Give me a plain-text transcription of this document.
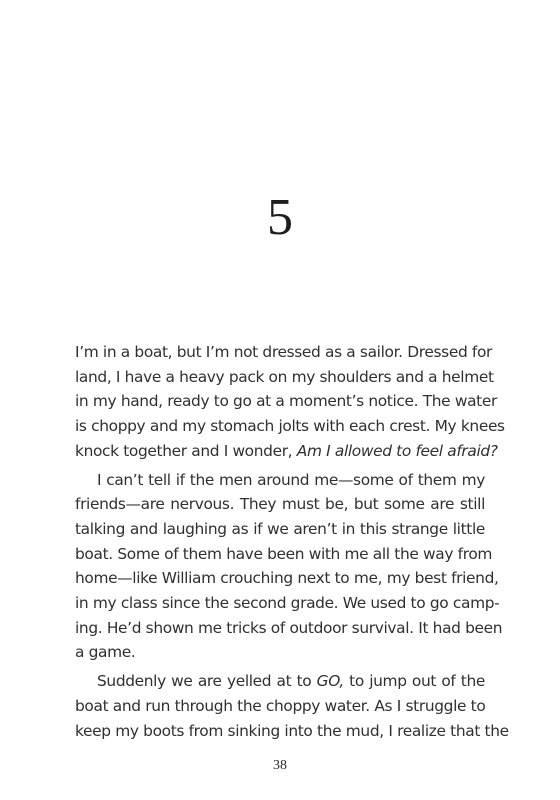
5
I’m in a boat, but I’m not dressed as a sailor. Dressed for
land, I have a heavy pack on my shoulders and a helmet
in my hand, ready to go at a moment’s notice. The water
is choppy and my stomach jolts with each crest. My knees
knock together and I wonder, Am I allowed to feel afraid?
I can’t tell if the men around me—some of them my
friends—are nervous. They must be, but some are still
talking and laughing as if we aren’t in this strange little
boat. Some of them have been with me all the way from
home—like William crouching next to me, my best friend,
in my class since the second grade. We used to go camp-
ing. He’d shown me tricks of outdoor survival. It had been
a game.
Suddenly we are yelled at to GO, to jump out of the
boat and run through the choppy water. As I struggle to
keep my boots from sinking into the mud, I realize that the
38
